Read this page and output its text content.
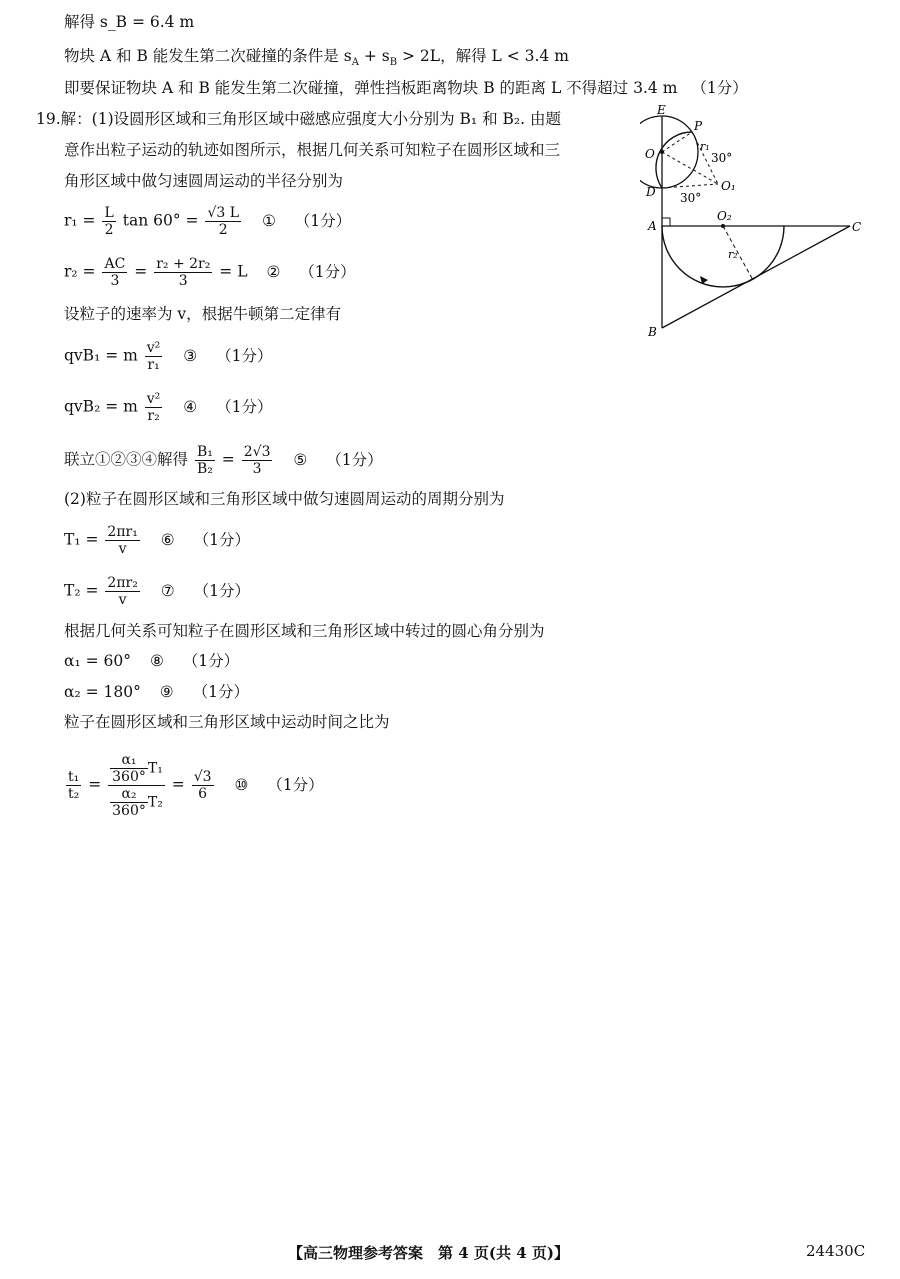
解得 s_B = 6.4 m
物块 A 和 B 能发生第二次碰撞的条件是 $s_A + s_B > 2L$，解得 L < 3.4 m
即要保证物块 A 和 B 能发生第二次碰撞，弹性挡板距离物块 B 的距离 L 不得超过 3.4 m （1分）
19.解：(1)设圆形区域和三角形区域中磁感应强度大小分别为 B₁ 和 B₂. 由题
意作出粒子运动的轨迹如图所示，根据几何关系可知粒子在圆形区域和三
角形区域中做匀速圆周运动的半径分别为
$r_1 = \frac{L}{2}$ $\tan 60^\circ = \frac{√3 L}{2}$ ① （1分）
$r_2 = \frac{AC}{3} = \frac{\text{r₂ + 2r₂}}{3} = L$ ② （1分）
设粒子的速率为 v，根据牛顿第二定律有
qvB₁ = m $\frac{\text{v²}}{\text{r₁}}$ ③ （1分）
qvB₂ = m $\frac{\text{v²}}{\text{r₂}}$ ④ （1分）
联立①②③④解得 $\frac{\text{B₁}}{\text{B₂}} = \frac{2√3}{3}$ ⑤ （1分）
(2)粒子在圆形区域和三角形区域中做匀速圆周运动的周期分别为
$T_1 = \frac{\text{2πr₁}}{v}$ ⑥ （1分）
$T_2 = \frac{\text{2πr₂}}{v}$ ⑦ （1分）
根据几何关系可知粒子在圆形区域和三角形区域中转过的圆心角分别为
α₁ = 60° ⑧ （1分）
α₂ = 180° ⑨ （1分）
粒子在圆形区域和三角形区域中运动时间之比为
$\frac{\text{t₁}}{\text{t₂}} = \frac{\frac{\text{α₁}}{360^\circ} T_1}{\frac{\text{α₂}}{360^\circ} T_2} = \frac{√3}{6}$ ⑩ （1分）
E
P
O
r₁
30°
D	O₁
30°
A
O₂
C
r₂
B
【高三物理参考答案　第 4 页(共 4 页)】	24430C
